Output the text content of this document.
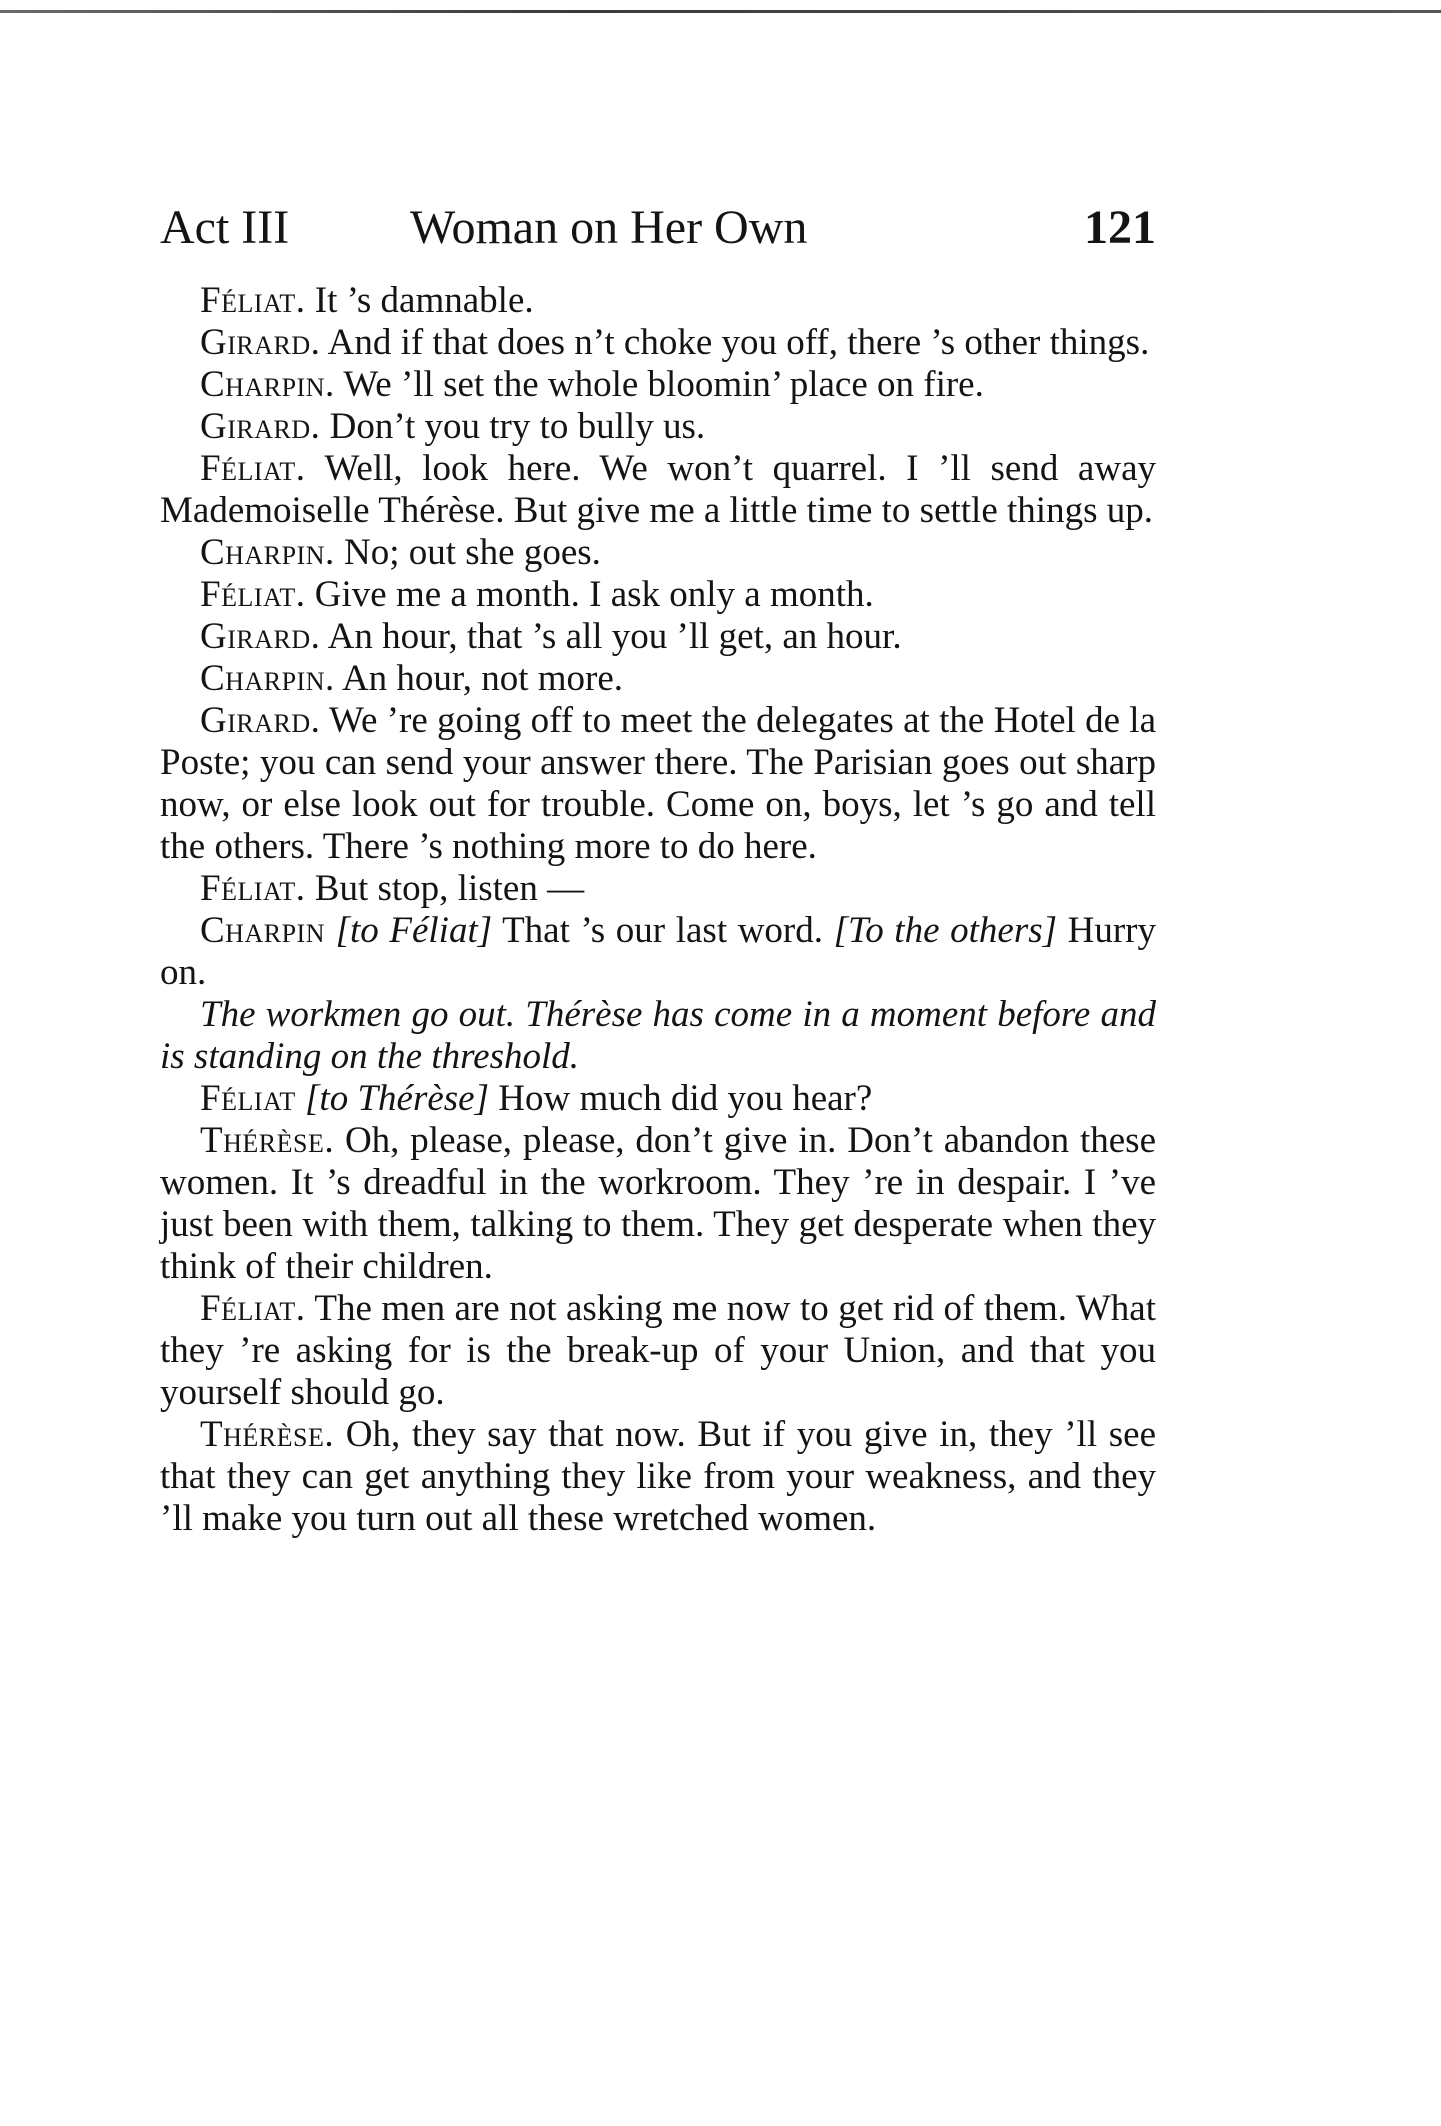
Act III	Woman on Her Own	121

Féliat. It ’s damnable.

Girard. And if that does n’t choke you off, there ’s other things.

Charpin. We ’ll set the whole bloomin’ place on fire.

Girard. Don’t you try to bully us.

Féliat. Well, look here. We won’t quarrel. I ’ll send away Mademoiselle Thérèse. But give me a little time to settle things up.

Charpin. No; out she goes.

Féliat. Give me a month. I ask only a month.

Girard. An hour, that ’s all you ’ll get, an hour.

Charpin. An hour, not more.

Girard. We ’re going off to meet the delegates at the Hotel de la Poste; you can send your answer there. The Parisian goes out sharp now, or else look out for trouble. Come on, boys, let ’s go and tell the others. There ’s nothing more to do here.

Féliat. But stop, listen —

Charpin [to Féliat] That ’s our last word. [To the others] Hurry on.

The workmen go out. Thérèse has come in a moment before and is standing on the threshold.

Féliat [to Thérèse] How much did you hear?

Thérèse. Oh, please, please, don’t give in. Don’t abandon these women. It ’s dreadful in the workroom. They ’re in despair. I ’ve just been with them, talking to them. They get desperate when they think of their children.

Féliat. The men are not asking me now to get rid of them. What they ’re asking for is the break-up of your Union, and that you yourself should go.

Thérèse. Oh, they say that now. But if you give in, they ’ll see that they can get anything they like from your weakness, and they ’ll make you turn out all these wretched women.
